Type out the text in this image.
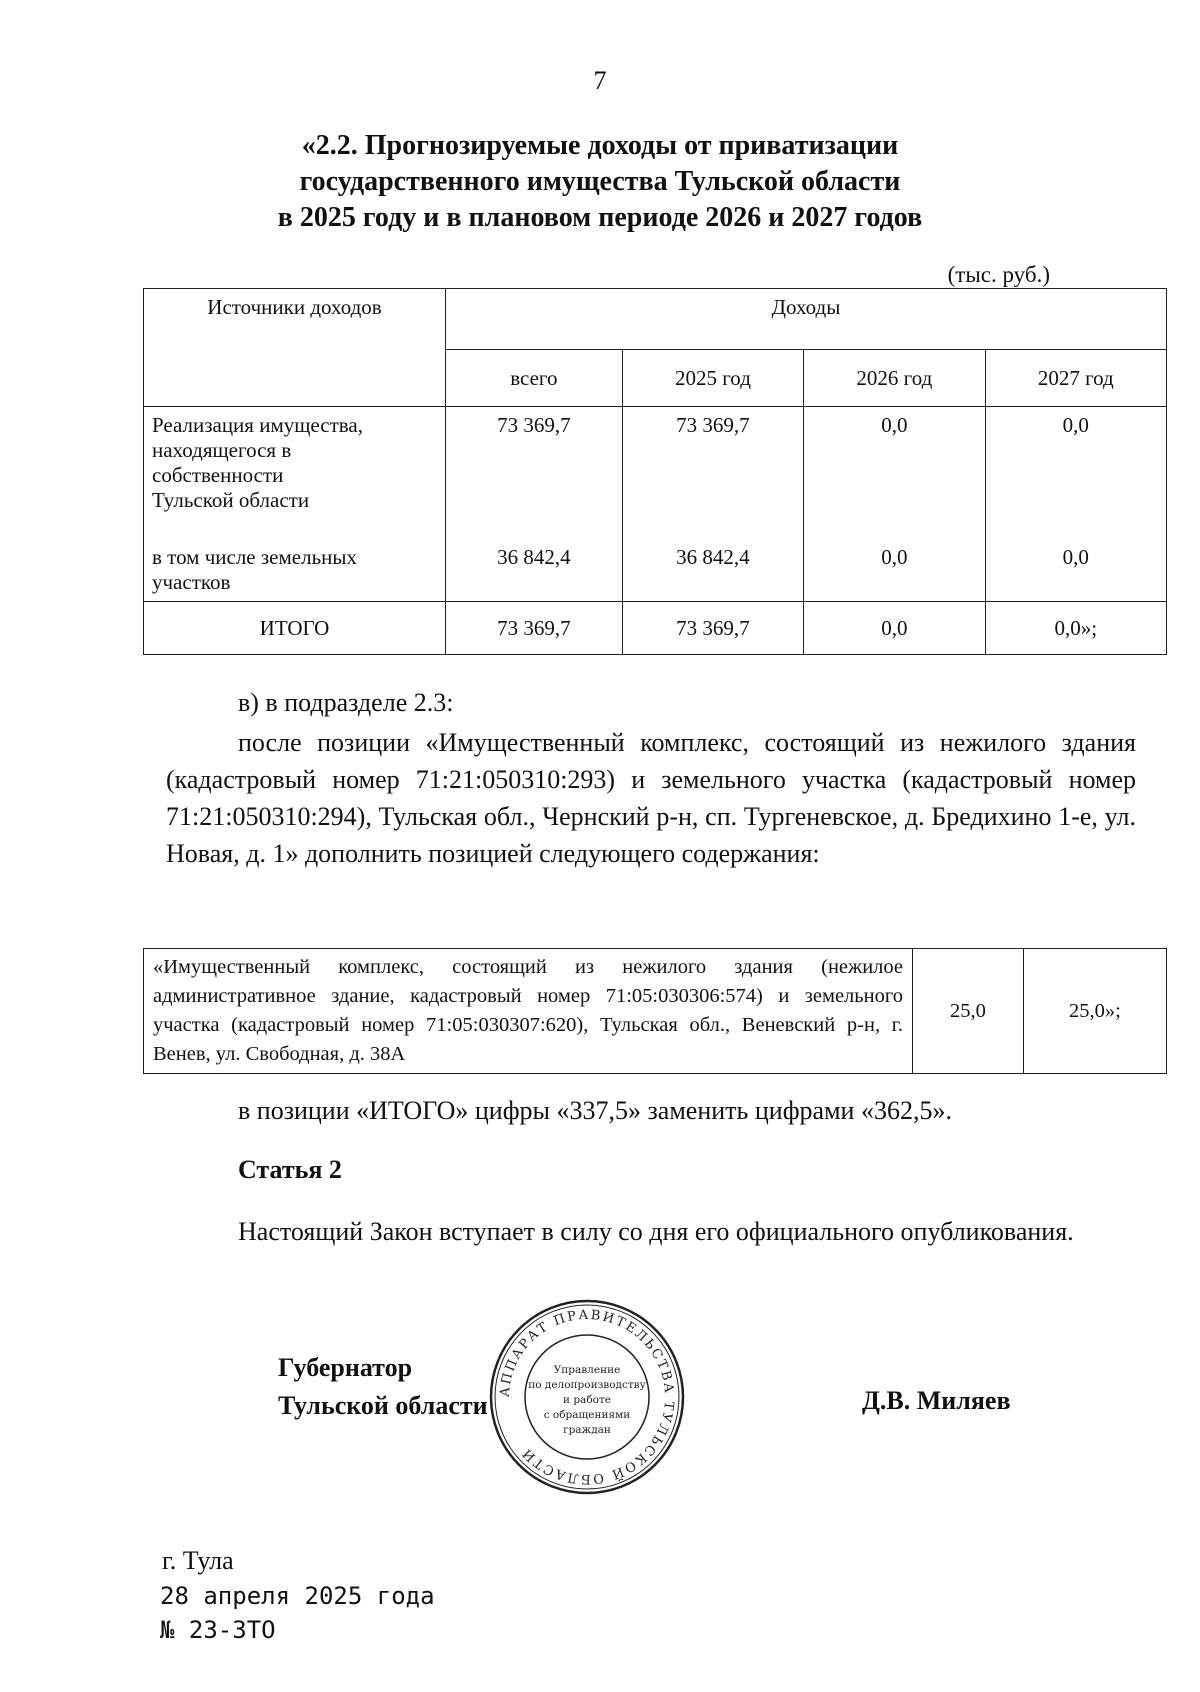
7
«2.2. Прогнозируемые доходы от приватизации
государственного имущества Тульской области
в 2025 году и в плановом периоде 2026 и 2027 годов
(тыс. руб.)
Источники доходов	Доходы			
	всего	2025 год	2026 год	2027 год

Реализация имущества,
находящегося в
собственности
Тульской области	73 369,7	73 369,7	0,0	0,0

в том числе земельных
участков	36 842,4	36 842,4	0,0	0,0
ИТОГО	73 369,7	73 369,7	0,0	0,0»;
в) в подразделе 2.3:
после позиции «Имущественный комплекс, состоящий из нежилого здания (кадастровый номер 71:21:050310:293) и земельного участка (кадастровый номер 71:21:050310:294), Тульская обл., Чернский р-н, сп. Тургеневское, д. Бредихино 1-е, ул. Новая, д. 1» дополнить позицией следующего содержания:
«Имущественный комплекс, состоящий из нежилого здания (нежилое административное здание, кадастровый номер 71:05:030306:574) и земельного участка (кадастровый номер 71:05:030307:620), Тульская обл., Веневский р-н, г. Венев, ул. Свободная, д. 38А	25,0	25,0»;
в позиции «ИТОГО» цифры «337,5» заменить цифрами «362,5».
Статья 2
Настоящий Закон вступает в силу со дня его официального опубликования.
Губернатор
Тульской области	Д.В. Миляев
АППАРАТ ПРАВИТЕЛЬСТВА ТУЛЬСКОЙ ОБЛАСТИ
Управление
по делопроизводству
и работе
с обращениями
граждан
г. Тула
28 апреля 2025 года
№ 23-ЗТО
